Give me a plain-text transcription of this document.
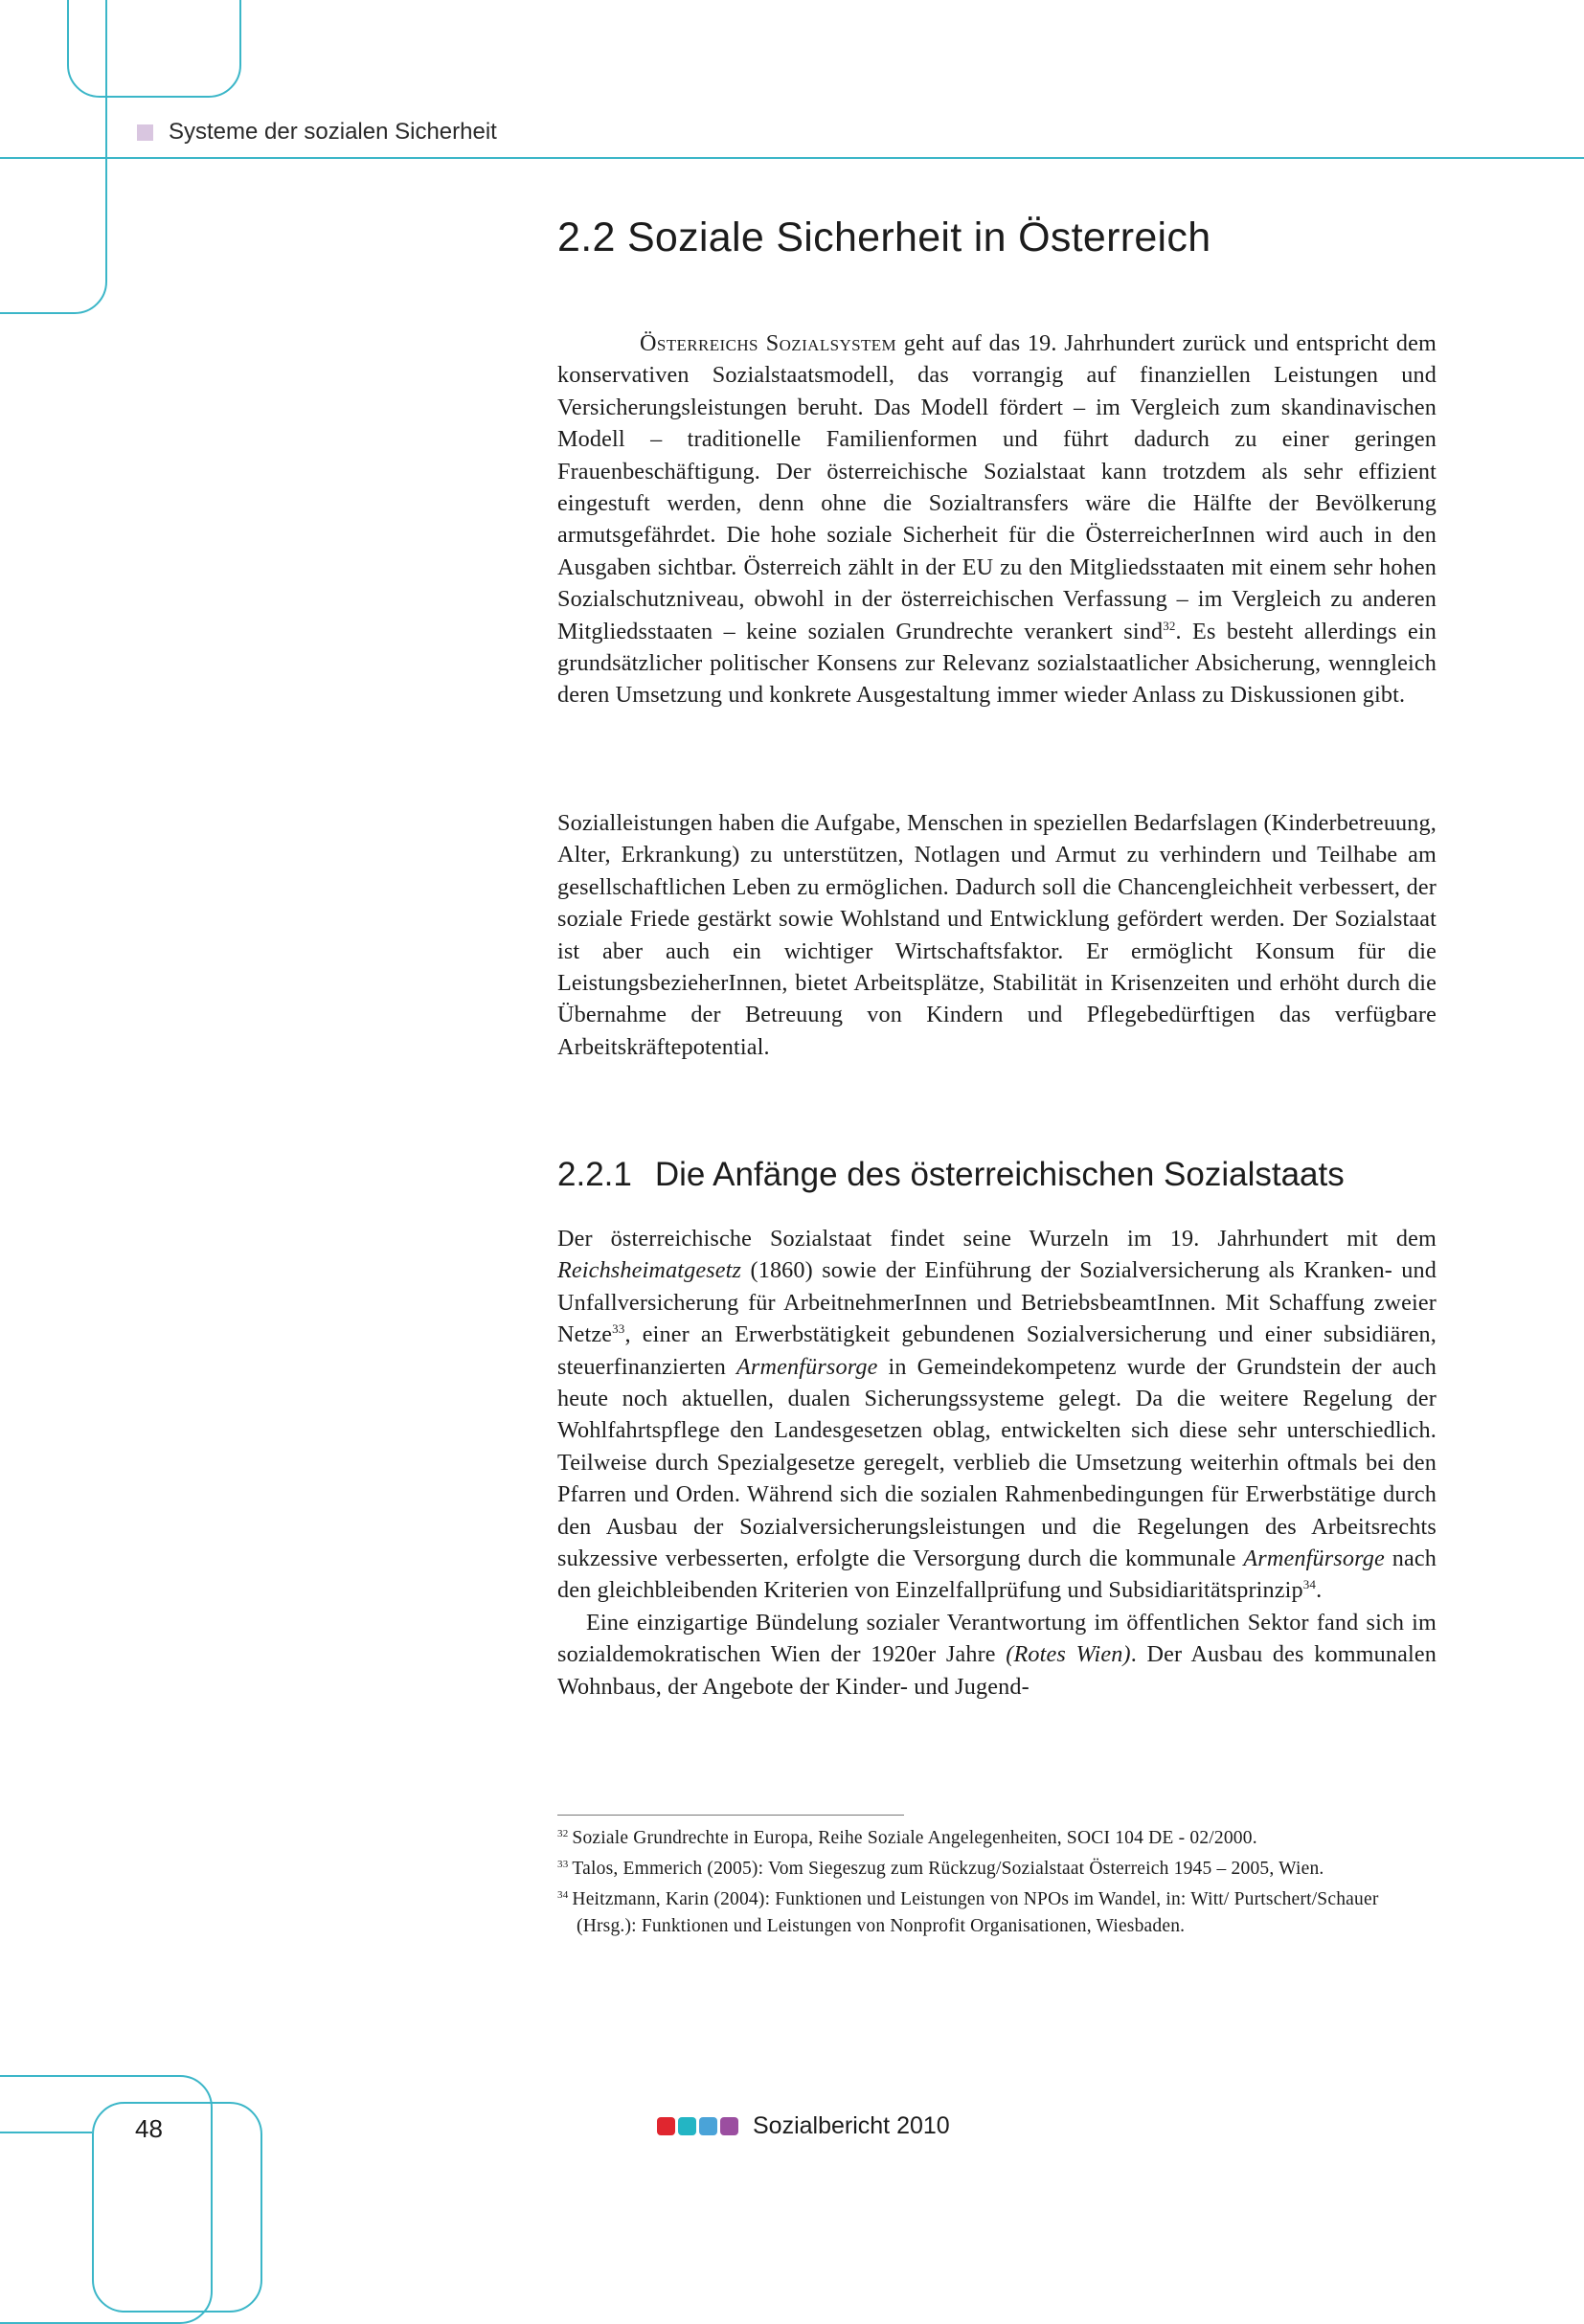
Systeme der sozialen Sicherheit
2.2 Soziale Sicherheit in Österreich

Österreichs Sozialsystem geht auf das 19. Jahrhundert zurück und entspricht dem konservativen Sozialstaatsmodell, das vorrangig auf finanziellen Leistungen und Versicherungsleistungen beruht. Das Modell fördert – im Vergleich zum skandinavischen Modell – traditionelle Familienformen und führt dadurch zu einer geringen Frauenbeschäftigung. Der österreichische Sozialstaat kann trotzdem als sehr effizient eingestuft werden, denn ohne die Sozialtransfers wäre die Hälfte der Bevölkerung armutsgefährdet. Die hohe soziale Sicherheit für die ÖsterreicherInnen wird auch in den Ausgaben sichtbar. Österreich zählt in der EU zu den Mitgliedsstaaten mit einem sehr hohen Sozialschutzniveau, obwohl in der österreichischen Verfassung – im Vergleich zu anderen Mitgliedsstaaten – keine sozialen Grundrechte verankert sind$^{32}$. Es besteht allerdings ein grundsätzlicher politischer Konsens zur Relevanz sozialstaatlicher Absicherung, wenngleich deren Umsetzung und konkrete Ausgestaltung immer wieder Anlass zu Diskussionen gibt.

Sozialleistungen haben die Aufgabe, Menschen in speziellen Bedarfslagen (Kinderbetreuung, Alter, Erkrankung) zu unterstützen, Notlagen und Armut zu verhindern und Teilhabe am gesellschaftlichen Leben zu ermöglichen. Dadurch soll die Chancengleichheit verbessert, der soziale Friede gestärkt sowie Wohlstand und Entwicklung gefördert werden. Der Sozialstaat ist aber auch ein wichtiger Wirtschaftsfaktor. Er ermöglicht Konsum für die LeistungsbezieherInnen, bietet Arbeitsplätze, Stabilität in Krisenzeiten und erhöht durch die Übernahme der Betreuung von Kindern und Pflegebedürftigen das verfügbare Arbeitskräftepotential.

2.2.1 Die Anfänge des österreichischen Sozialstaats

Der österreichische Sozialstaat findet seine Wurzeln im 19. Jahrhundert mit dem Reichsheimatgesetz (1860) sowie der Einführung der Sozialversicherung als Kranken- und Unfallversicherung für ArbeitnehmerInnen und BetriebsbeamtInnen. Mit Schaffung zweier Netze$^{33}$, einer an Erwerbstätigkeit gebundenen Sozialversicherung und einer subsidiären, steuerfinanzierten Armenfürsorge in Gemeindekompetenz wurde der Grundstein der auch heute noch aktuellen, dualen Sicherungssysteme gelegt. Da die weitere Regelung der Wohlfahrtspflege den Landesgesetzen oblag, entwickelten sich diese sehr unterschiedlich. Teilweise durch Spezialgesetze geregelt, verblieb die Umsetzung weiterhin oftmals bei den Pfarren und Orden. Während sich die sozialen Rahmenbedingungen für Erwerbstätige durch den Ausbau der Sozialversicherungsleistungen und die Regelungen des Arbeitsrechts sukzessive verbesserten, erfolgte die Versorgung durch die kommunale Armenfürsorge nach den gleichbleibenden Kriterien von Einzelfallprüfung und Subsidiaritätsprinzip$^{34}$.

Eine einzigartige Bündelung sozialer Verantwortung im öffentlichen Sektor fand sich im sozialdemokratischen Wien der 1920er Jahre (Rotes Wien). Der Ausbau des kommunalen Wohnbaus, der Angebote der Kinder- und Jugend-

$^{32}$ Soziale Grundrechte in Europa, Reihe Soziale Angelegenheiten, SOCI 104 DE - 02/2000.

$^{33}$ Talos, Emmerich (2005): Vom Siegeszug zum Rückzug/Sozialstaat Österreich 1945 – 2005, Wien.

$^{34}$ Heitzmann, Karin (2004): Funktionen und Leistungen von NPOs im Wandel, in: Witt/ Purtschert/Schauer (Hrsg.): Funktionen und Leistungen von Nonprofit Organisationen, Wiesbaden.

48	Sozialbericht 2010
